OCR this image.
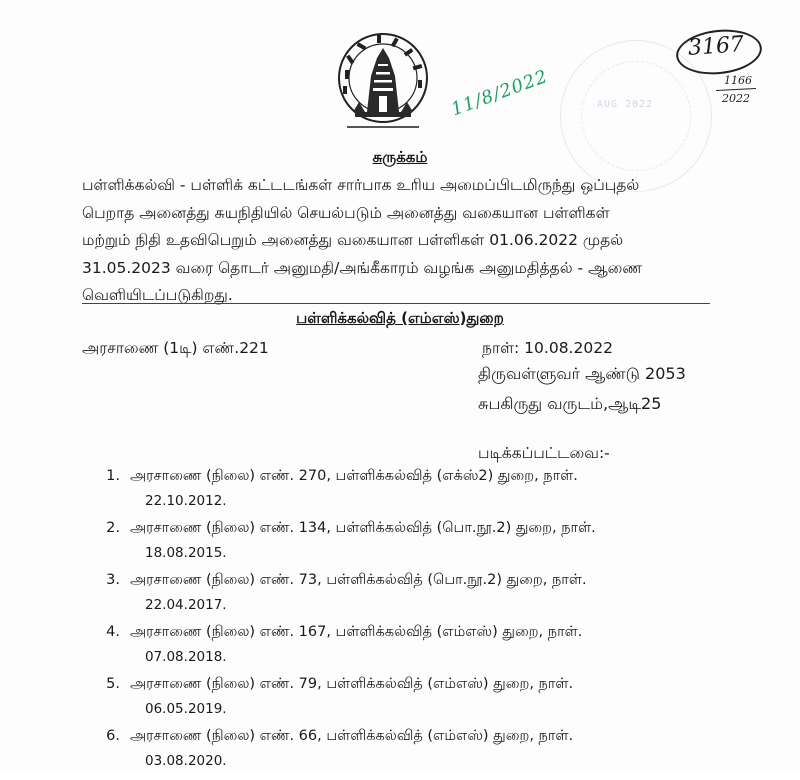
AUG 2022
3167
1166
2022
11/8/2022
சுருக்கம்
பள்ளிக்கல்வி - பள்ளிக் கட்டடங்கள் சார்பாக உரிய அமைப்பிடமிருந்து ஒப்புதல்
பெறாத அனைத்து சுயநிதியில் செயல்படும் அனைத்து வகையான பள்ளிகள்
மற்றும் நிதி உதவிபெறும் அனைத்து வகையான பள்ளிகள் 01.06.2022 முதல்
31.05.2023 வரை தொடர் அனுமதி/அங்கீகாரம் வழங்க அனுமதித்தல் - ஆணை
வெளியிடப்படுகிறது.
பள்ளிக்கல்வித் (எம்எஸ்)துறை
அரசாணை (1டி) எண்.221	நாள்: 10.08.2022
திருவள்ளுவர் ஆண்டு 2053
சுபகிருது வருடம்,ஆடி25
படிக்கப்பட்டவை:-
1. அரசாணை (நிலை) எண். 270, பள்ளிக்கல்வித் (எக்ஸ்2) துறை, நாள்.
22.10.2012.
2. அரசாணை (நிலை) எண். 134, பள்ளிக்கல்வித் (பொ.நூ.2) துறை, நாள்.
18.08.2015.
3. அரசாணை (நிலை) எண். 73, பள்ளிக்கல்வித் (பொ.நூ.2) துறை, நாள்.
22.04.2017.
4. அரசாணை (நிலை) எண். 167, பள்ளிக்கல்வித் (எம்எஸ்) துறை, நாள்.
07.08.2018.
5. அரசாணை (நிலை) எண். 79, பள்ளிக்கல்வித் (எம்எஸ்) துறை, நாள்.
06.05.2019.
6. அரசாணை (நிலை) எண். 66, பள்ளிக்கல்வித் (எம்எஸ்) துறை, நாள்.
03.08.2020.
